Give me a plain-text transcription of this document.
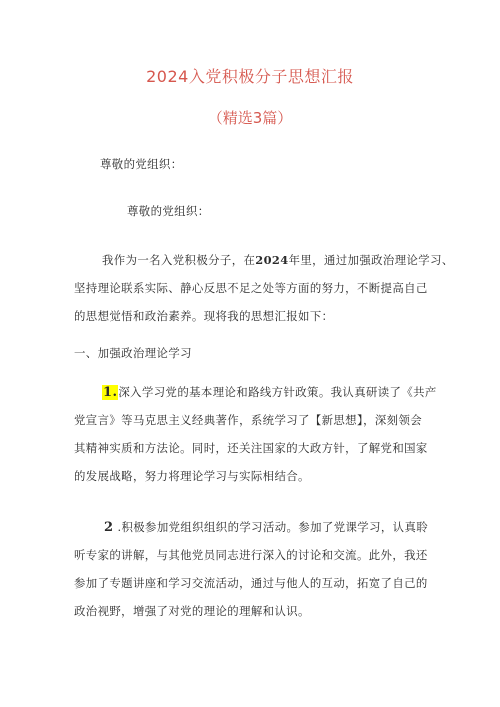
2024入党积极分子思想汇报
（精选3篇）
尊敬的党组织：
尊敬的党组织：
我作为一名入党积极分子，在2024年里，通过加强政治理论学习、
坚持理论联系实际、静心反思不足之处等方面的努力，不断提高自己
的思想觉悟和政治素养。现将我的思想汇报如下：
一、加强政治理论学习
1.深入学习党的基本理论和路线方针政策。我认真研读了《共产
党宣言》等马克思主义经典著作，系统学习了【新思想】，深刻领会
其精神实质和方法论。同时，还关注国家的大政方针，了解党和国家
的发展战略，努力将理论学习与实际相结合。
2 .积极参加党组织组织的学习活动。参加了党课学习，认真聆
听专家的讲解，与其他党员同志进行深入的讨论和交流。此外，我还
参加了专题讲座和学习交流活动，通过与他人的互动，拓宽了自己的
政治视野，增强了对党的理论的理解和认识。
